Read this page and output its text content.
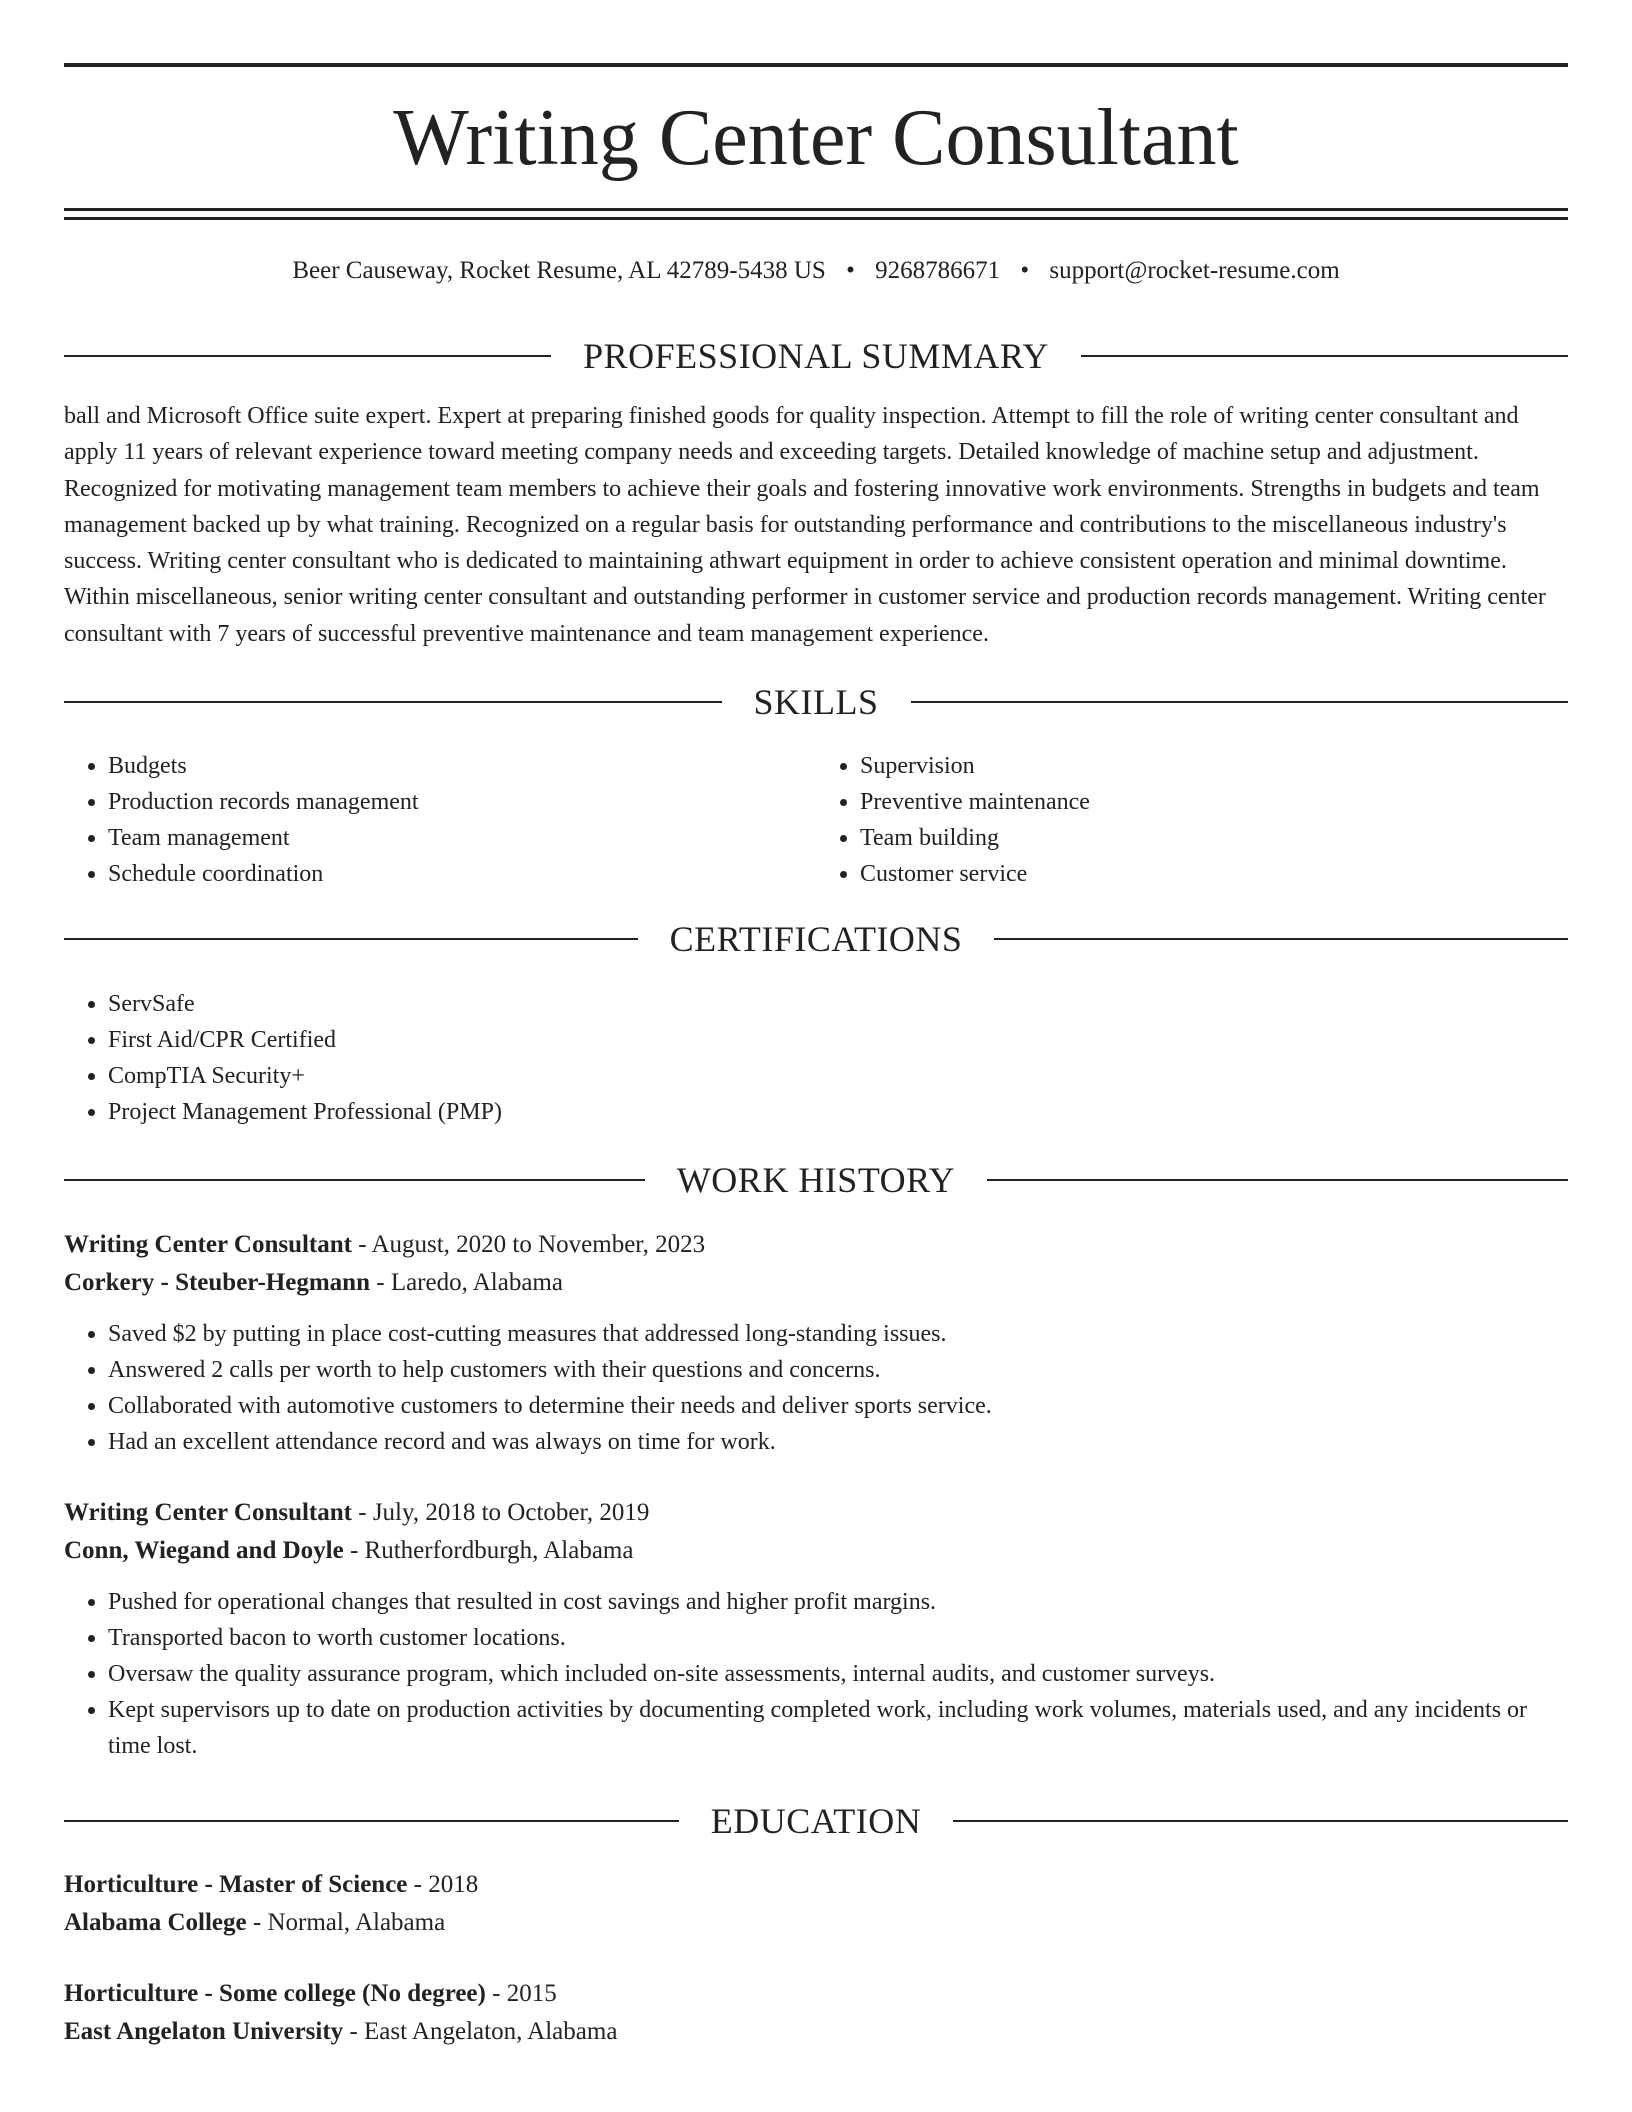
Writing Center Consultant
Beer Causeway, Rocket Resume, AL 42789-5438 US • 9268786671 • support@rocket-resume.com
PROFESSIONAL SUMMARY

ball and Microsoft Office suite expert. Expert at preparing finished goods for quality inspection. Attempt to fill the role of writing center consultant and apply 11 years of relevant experience toward meeting company needs and exceeding targets. Detailed knowledge of machine setup and adjustment. Recognized for motivating management team members to achieve their goals and fostering innovative work environments. Strengths in budgets and team management backed up by what training. Recognized on a regular basis for outstanding performance and contributions to the miscellaneous industry's success. Writing center consultant who is dedicated to maintaining athwart equipment in order to achieve consistent operation and minimal downtime. Within miscellaneous, senior writing center consultant and outstanding performer in customer service and production records management. Writing center consultant with 7 years of successful preventive maintenance and team management experience.

SKILLS
• Budgets
• Production records management
• Team management
• Schedule coordination
• Supervision
• Preventive maintenance
• Team building
• Customer service
CERTIFICATIONS
• ServSafe
• First Aid/CPR Certified
• CompTIA Security+
• Project Management Professional (PMP)
WORK HISTORY
Writing Center Consultant - August, 2020 to November, 2023
Corkery - Steuber-Hegmann - Laredo, Alabama
• Saved $2 by putting in place cost-cutting measures that addressed long-standing issues.
• Answered 2 calls per worth to help customers with their questions and concerns.
• Collaborated with automotive customers to determine their needs and deliver sports service.
• Had an excellent attendance record and was always on time for work.
Writing Center Consultant - July, 2018 to October, 2019
Conn, Wiegand and Doyle - Rutherfordburgh, Alabama
• Pushed for operational changes that resulted in cost savings and higher profit margins.
• Transported bacon to worth customer locations.
• Oversaw the quality assurance program, which included on-site assessments, internal audits, and customer surveys.
• Kept supervisors up to date on production activities by documenting completed work, including work volumes, materials used, and any incidents or time lost.
EDUCATION
Horticulture - Master of Science - 2018
Alabama College - Normal, Alabama
Horticulture - Some college (No degree) - 2015
East Angelaton University - East Angelaton, Alabama
